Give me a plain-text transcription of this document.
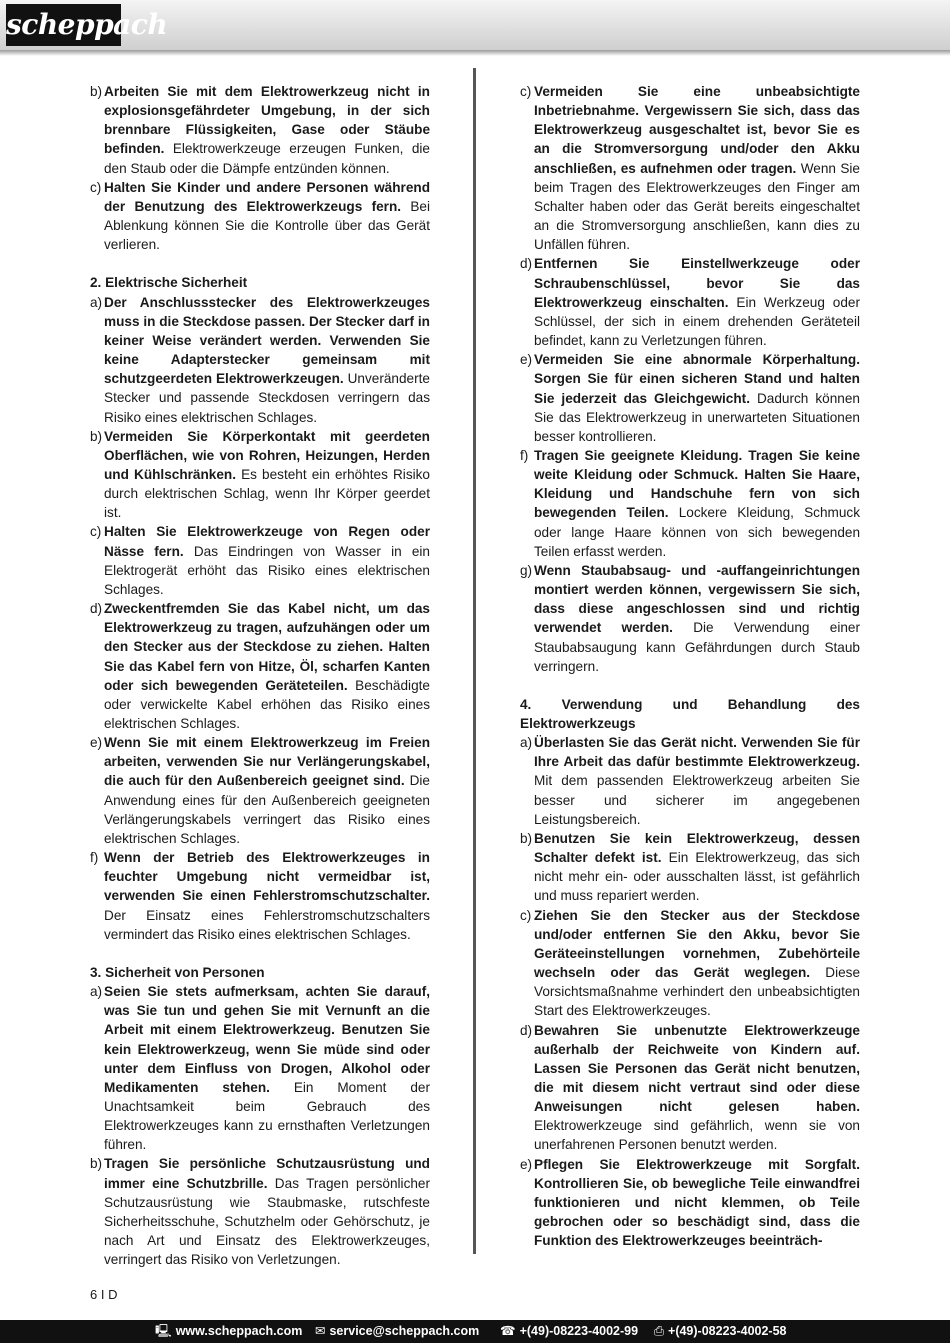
scheppach
b) Arbeiten Sie mit dem Elektrowerkzeug nicht in explosionsgefährdeter Umgebung, in der sich brennbare Flüssigkeiten, Gase oder Stäube befinden. Elektrowerkzeuge erzeugen Funken, die den Staub oder die Dämpfe entzünden können.
c) Halten Sie Kinder und andere Personen während der Benutzung des Elektrowerkzeugs fern. Bei Ablenkung können Sie die Kontrolle über das Gerät verlieren.
2. Elektrische Sicherheit
a) Der Anschlussstecker des Elektrowerkzeuges muss in die Steckdose passen. Der Stecker darf in keiner Weise verändert werden. Verwenden Sie keine Adapterstecker gemeinsam mit schutzgeerdeten Elektrowerkzeugen. Unveränderte Stecker und passende Steckdosen verringern das Risiko eines elektrischen Schlages.
b) Vermeiden Sie Körperkontakt mit geerdeten Oberflächen, wie von Rohren, Heizungen, Herden und Kühlschränken. Es besteht ein erhöhtes Risiko durch elektrischen Schlag, wenn Ihr Körper geerdet ist.
c) Halten Sie Elektrowerkzeuge von Regen oder Nässe fern. Das Eindringen von Wasser in ein Elektrogerät erhöht das Risiko eines elektrischen Schlages.
d) Zweckentfremden Sie das Kabel nicht, um das Elektrowerkzeug zu tragen, aufzuhängen oder um den Stecker aus der Steckdose zu ziehen. Halten Sie das Kabel fern von Hitze, Öl, scharfen Kanten oder sich bewegenden Geräteteilen. Beschädigte oder verwickelte Kabel erhöhen das Risiko eines elektrischen Schlages.
e) Wenn Sie mit einem Elektrowerkzeug im Freien arbeiten, verwenden Sie nur Verlängerungskabel, die auch für den Außenbereich geeignet sind. Die Anwendung eines für den Außenbereich geeigneten Verlängerungskabels verringert das Risiko eines elektrischen Schlages.
f) Wenn der Betrieb des Elektrowerkzeuges in feuchter Umgebung nicht vermeidbar ist, verwenden Sie einen Fehlerstromschutzschalter. Der Einsatz eines Fehlerstromschutzschalters vermindert das Risiko eines elektrischen Schlages.
3. Sicherheit von Personen
a) Seien Sie stets aufmerksam, achten Sie darauf, was Sie tun und gehen Sie mit Vernunft an die Arbeit mit einem Elektrowerkzeug. Benutzen Sie kein Elektrowerkzeug, wenn Sie müde sind oder unter dem Einfluss von Drogen, Alkohol oder Medikamenten stehen. Ein Moment der Unachtsamkeit beim Gebrauch des Elektrowerkzeuges kann zu ernsthaften Verletzungen führen.
b) Tragen Sie persönliche Schutzausrüstung und immer eine Schutzbrille. Das Tragen persönlicher Schutzausrüstung wie Staubmaske, rutschfeste Sicherheitsschuhe, Schutzhelm oder Gehörschutz, je nach Art und Einsatz des Elektrowerkzeuges, verringert das Risiko von Verletzungen.
c) Vermeiden Sie eine unbeabsichtigte Inbetriebnahme. Vergewissern Sie sich, dass das Elektrowerkzeug ausgeschaltet ist, bevor Sie es an die Stromversorgung und/oder den Akku anschließen, es aufnehmen oder tragen. Wenn Sie beim Tragen des Elektrowerkzeuges den Finger am Schalter haben oder das Gerät bereits eingeschaltet an die Stromversorgung anschließen, kann dies zu Unfällen führen.
d) Entfernen Sie Einstellwerkzeuge oder Schraubenschlüssel, bevor Sie das Elektrowerkzeug einschalten. Ein Werkzeug oder Schlüssel, der sich in einem drehenden Geräteteil befindet, kann zu Verletzungen führen.
e) Vermeiden Sie eine abnormale Körperhaltung. Sorgen Sie für einen sicheren Stand und halten Sie jederzeit das Gleichgewicht. Dadurch können Sie das Elektrowerkzeug in unerwarteten Situationen besser kontrollieren.
f) Tragen Sie geeignete Kleidung. Tragen Sie keine weite Kleidung oder Schmuck. Halten Sie Haare, Kleidung und Handschuhe fern von sich bewegenden Teilen. Lockere Kleidung, Schmuck oder lange Haare können von sich bewegenden Teilen erfasst werden.
g) Wenn Staubabsaug- und -auffangeinrichtungen montiert werden können, vergewissern Sie sich, dass diese angeschlossen sind und richtig verwendet werden. Die Verwendung einer Staubabsaugung kann Gefährdungen durch Staub verringern.
4. Verwendung und Behandlung des Elektrowerkzeugs
a) Überlasten Sie das Gerät nicht. Verwenden Sie für Ihre Arbeit das dafür bestimmte Elektrowerkzeug. Mit dem passenden Elektrowerkzeug arbeiten Sie besser und sicherer im angegebenen Leistungsbereich.
b) Benutzen Sie kein Elektrowerkzeug, dessen Schalter defekt ist. Ein Elektrowerkzeug, das sich nicht mehr ein- oder ausschalten lässt, ist gefährlich und muss repariert werden.
c) Ziehen Sie den Stecker aus der Steckdose und/oder entfernen Sie den Akku, bevor Sie Geräteeinstellungen vornehmen, Zubehörteile wechseln oder das Gerät weglegen. Diese Vorsichtsmaßnahme verhindert den unbeabsichtigten Start des Elektrowerkzeuges.
d) Bewahren Sie unbenutzte Elektrowerkzeuge außerhalb der Reichweite von Kindern auf. Lassen Sie Personen das Gerät nicht benutzen, die mit diesem nicht vertraut sind oder diese Anweisungen nicht gelesen haben. Elektrowerkzeuge sind gefährlich, wenn sie von unerfahrenen Personen benutzt werden.
e) Pflegen Sie Elektrowerkzeuge mit Sorgfalt. Kontrollieren Sie, ob bewegliche Teile einwandfrei funktionieren und nicht klemmen, ob Teile gebrochen oder so beschädigt sind, dass die Funktion des Elektrowerkzeuges beeinträch-
6 I D
🖳 www.scheppach.com ✉ service@scheppach.com ☎ +(49)-08223-4002-99 ⎙ +(49)-08223-4002-58
